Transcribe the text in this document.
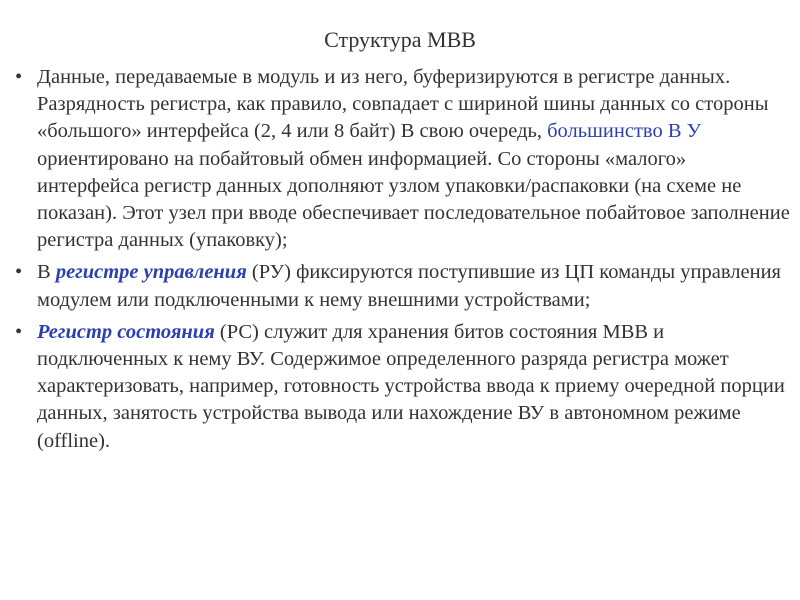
Структура МВВ
• Данные, передаваемые в модуль и из него, буферизируются в регистре данных. Разрядность регистра, как правило, совпадает с шириной шины данных со стороны «большого» интерфейса (2, 4 или 8 байт) В свою очередь, большинство В У ориентировано на побайтовый обмен информацией. Со стороны «малого» интерфейса регистр данных дополняют узлом упаковки/распаковки (на схеме не показан). Этот узел при вводе обеспечивает последовательное побайтовое заполнение регистра данных (упаковку);
• В регистре управления (РУ) фиксируются поступившие из ЦП команды управления модулем или подключенными к нему внешними устройствами;
• Регистр состояния (РС) служит для хранения битов состояния МВВ и подключенных к нему ВУ. Содержимое определенного разряда регистра может характеризовать, например, готовность устройства ввода к приему очередной порции данных, занятость устройства вывода или нахождение ВУ в автономном режиме (offline).
